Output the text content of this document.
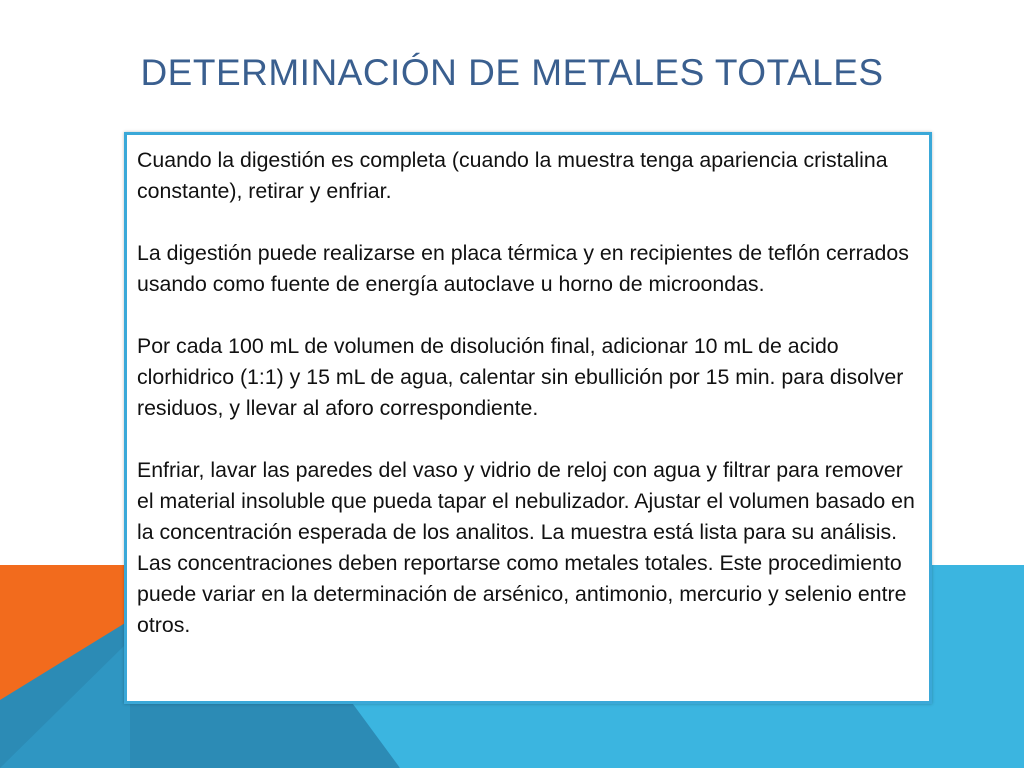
DETERMINACIÓN DE METALES TOTALES

Cuando la digestión es completa (cuando la muestra tenga apariencia cristalina constante), retirar y enfriar.

La digestión puede realizarse en placa térmica y en recipientes de teflón cerrados usando como fuente de energía autoclave u horno de microondas.

Por cada 100 mL de volumen de disolución final, adicionar 10 mL de acido clorhidrico (1:1) y 15 mL de agua, calentar sin ebullición por 15 min. para disolver residuos, y llevar al aforo correspondiente.

Enfriar, lavar las paredes del vaso y vidrio de reloj con agua y filtrar para remover el material insoluble que pueda tapar el nebulizador. Ajustar el volumen basado en la concentración esperada de los analitos. La muestra está lista para su análisis. Las concentraciones deben reportarse como metales totales. Este procedimiento puede variar en la determinación de arsénico, antimonio, mercurio y selenio entre otros.
